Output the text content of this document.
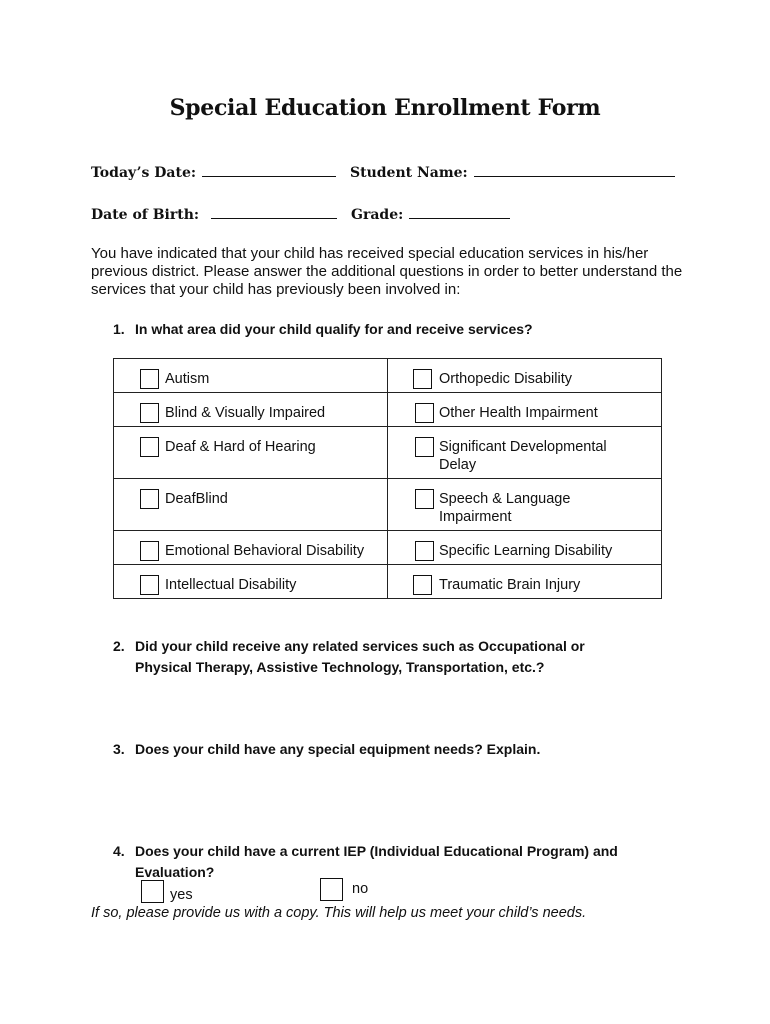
Special Education Enrollment Form
Today’s Date:	Student Name:
Date of Birth:	Grade:
You have indicated that your child has received special education services in his/her previous district. Please answer the additional questions in order to better understand the services that your child has previously been involved in:
1. In what area did your child qualify for and receive services?
Autism	Orthopedic Disability

Blind & Visually Impaired	Other Health Impairment

Deaf & Hard of Hearing	Significant Developmental Delay

DeafBlind	Speech & Language Impairment

Emotional Behavioral Disability	Specific Learning Disability

Intellectual Disability	Traumatic Brain Injury
2. Did your child receive any related services such as Occupational or Physical Therapy, Assistive Technology, Transportation, etc.?
3. Does your child have any special equipment needs? Explain.
4. Does your child have a current IEP (Individual Educational Program) and Evaluation?
yes	no
If so, please provide us with a copy. This will help us meet your child’s needs.
